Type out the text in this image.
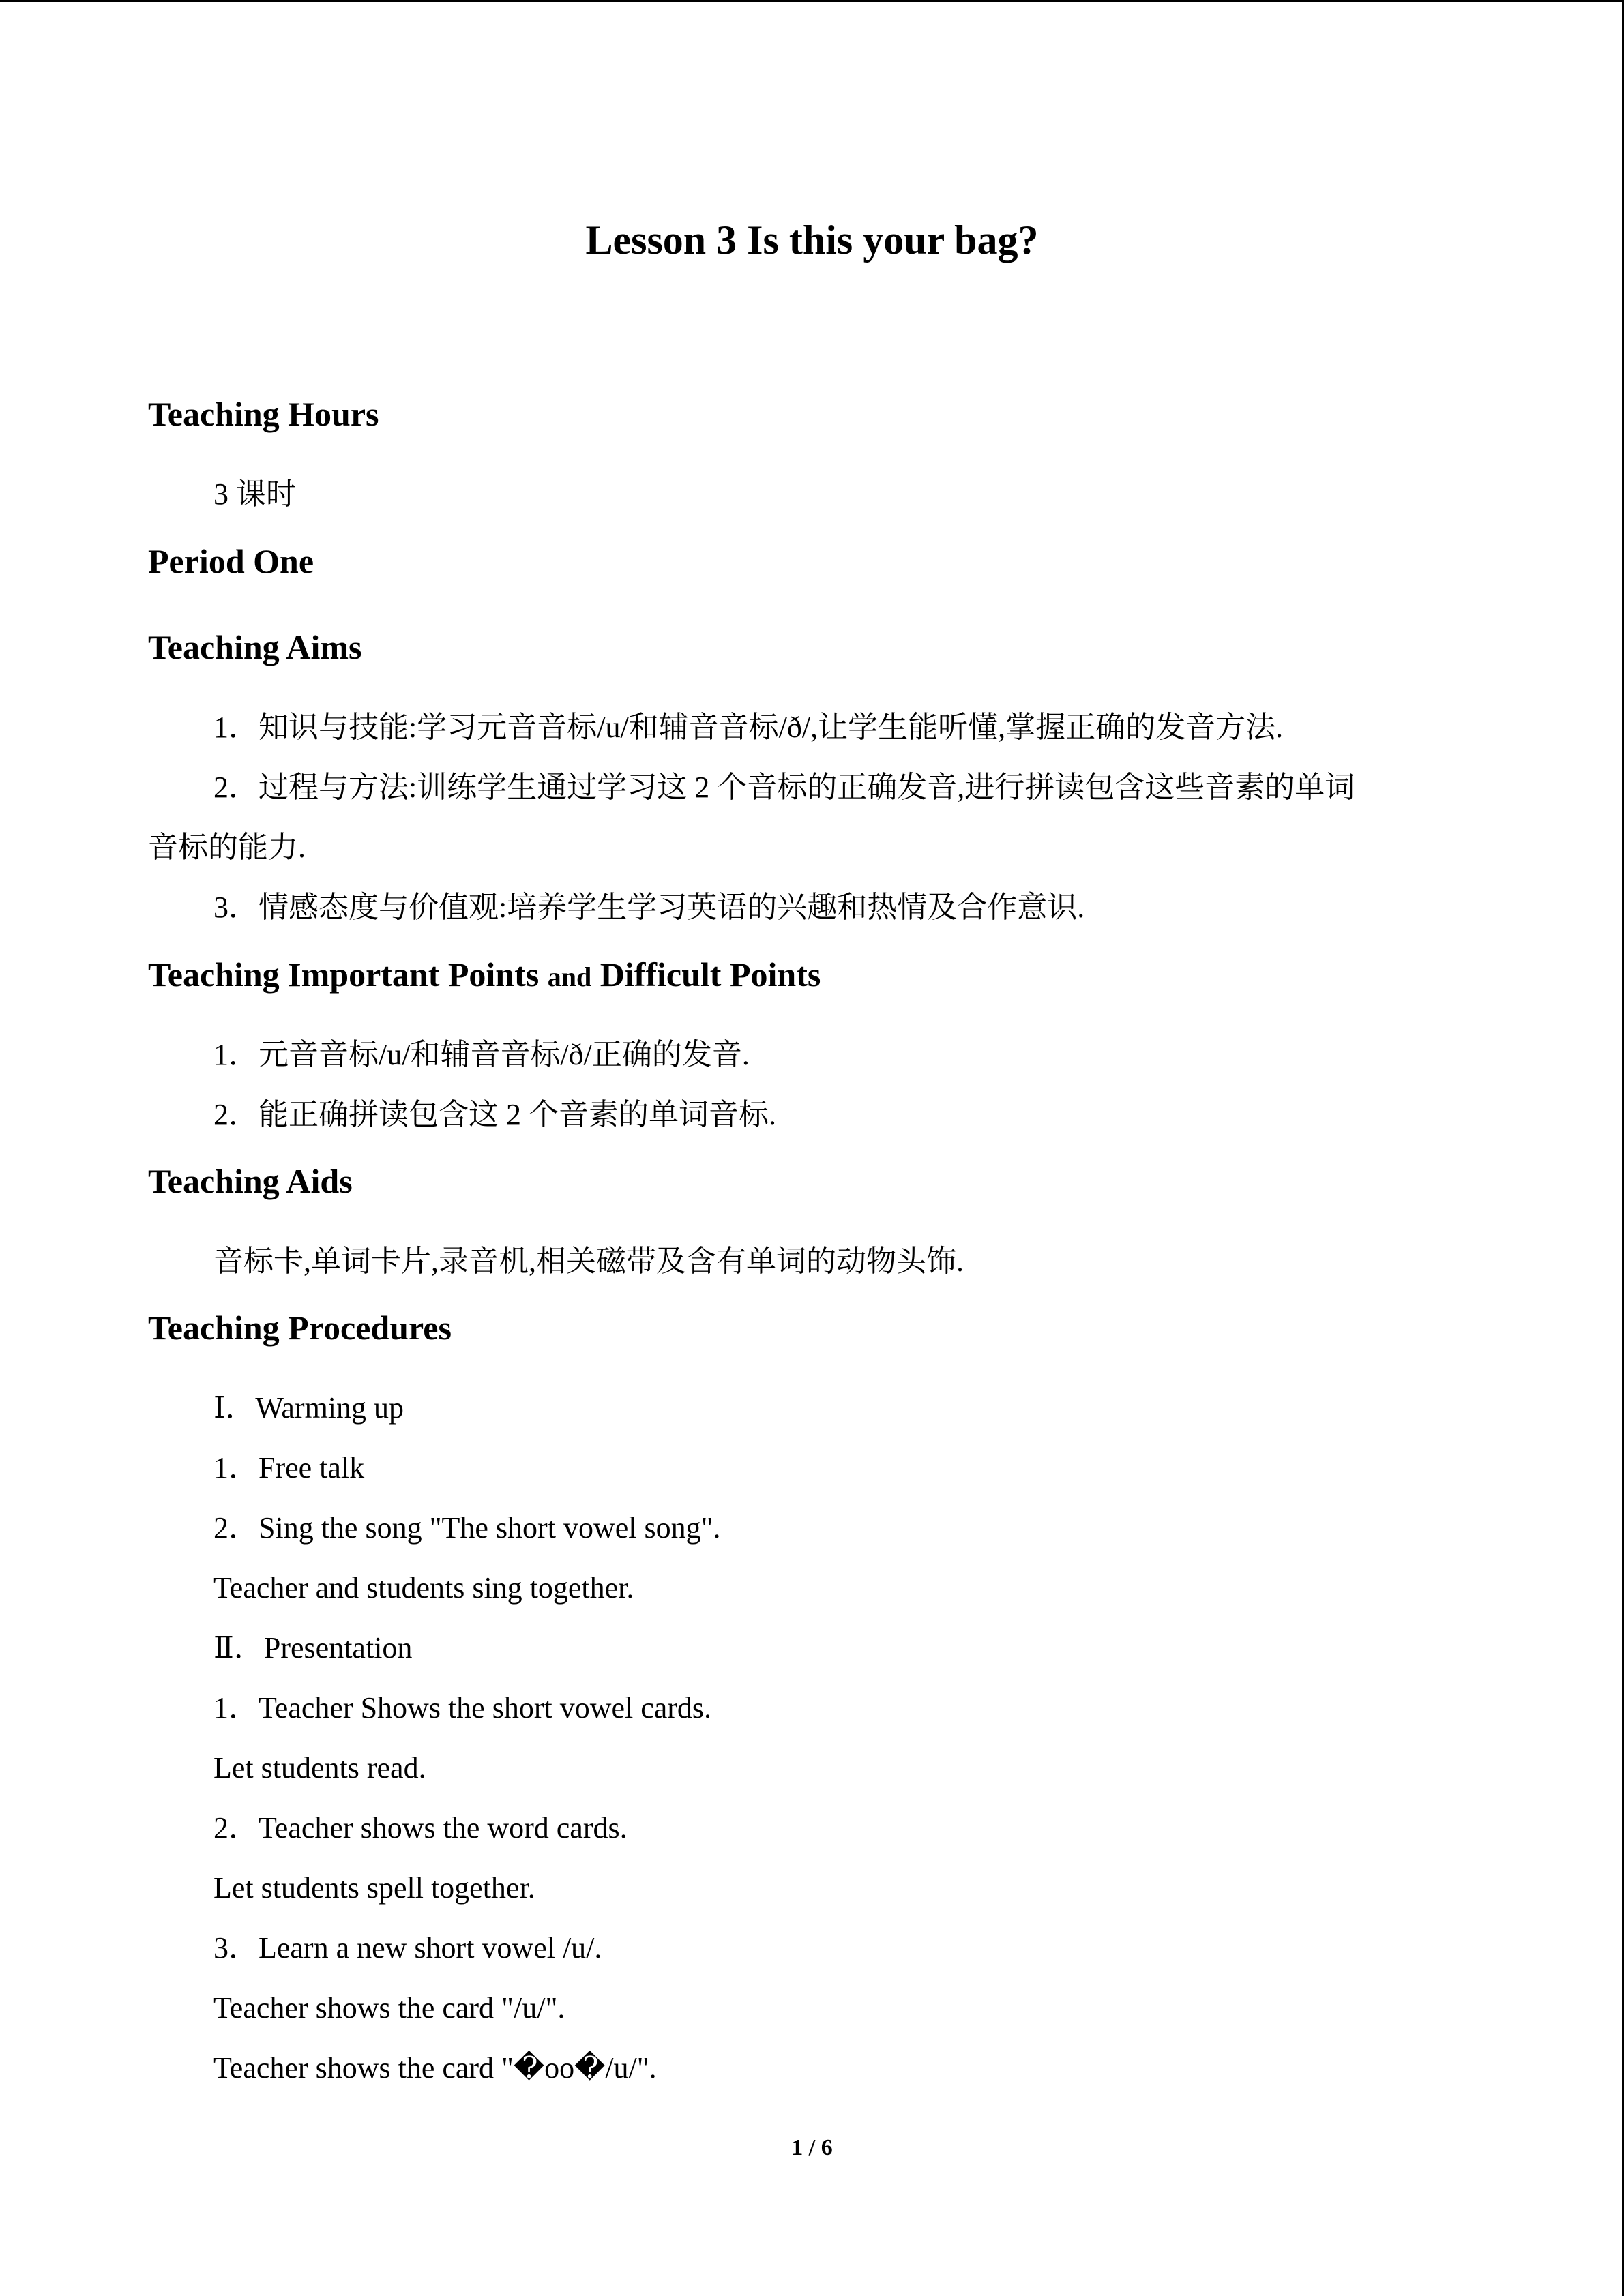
Lesson 3 Is this your bag?
Teaching Hours
3 课时
Period One
Teaching Aims
1．知识与技能:学习元音音标/u/和辅音音标/ð/,让学生能听懂,掌握正确的发音方法.
2．过程与方法:训练学生通过学习这 2 个音标的正确发音,进行拼读包含这些音素的单词
音标的能力.
3．情感态度与价值观:培养学生学习英语的兴趣和热情及合作意识.
Teaching Important Points and Difficult Points
1．元音音标/u/和辅音音标/ð/正确的发音.
2．能正确拼读包含这 2 个音素的单词音标.
Teaching Aids
音标卡,单词卡片,录音机,相关磁带及含有单词的动物头饰.
Teaching Procedures
Ⅰ．Warming up
1．Free talk
2．Sing the song "The short vowel song".
Teacher and students sing together.
Ⅱ．Presentation
1．Teacher Shows the short vowel cards.
Let students read.
2．Teacher shows the word cards.
Let students spell together.
3．Learn a new short vowel /u/.
Teacher shows the card "/u/".
Teacher shows the card "�oo�/u/".
1 / 6
